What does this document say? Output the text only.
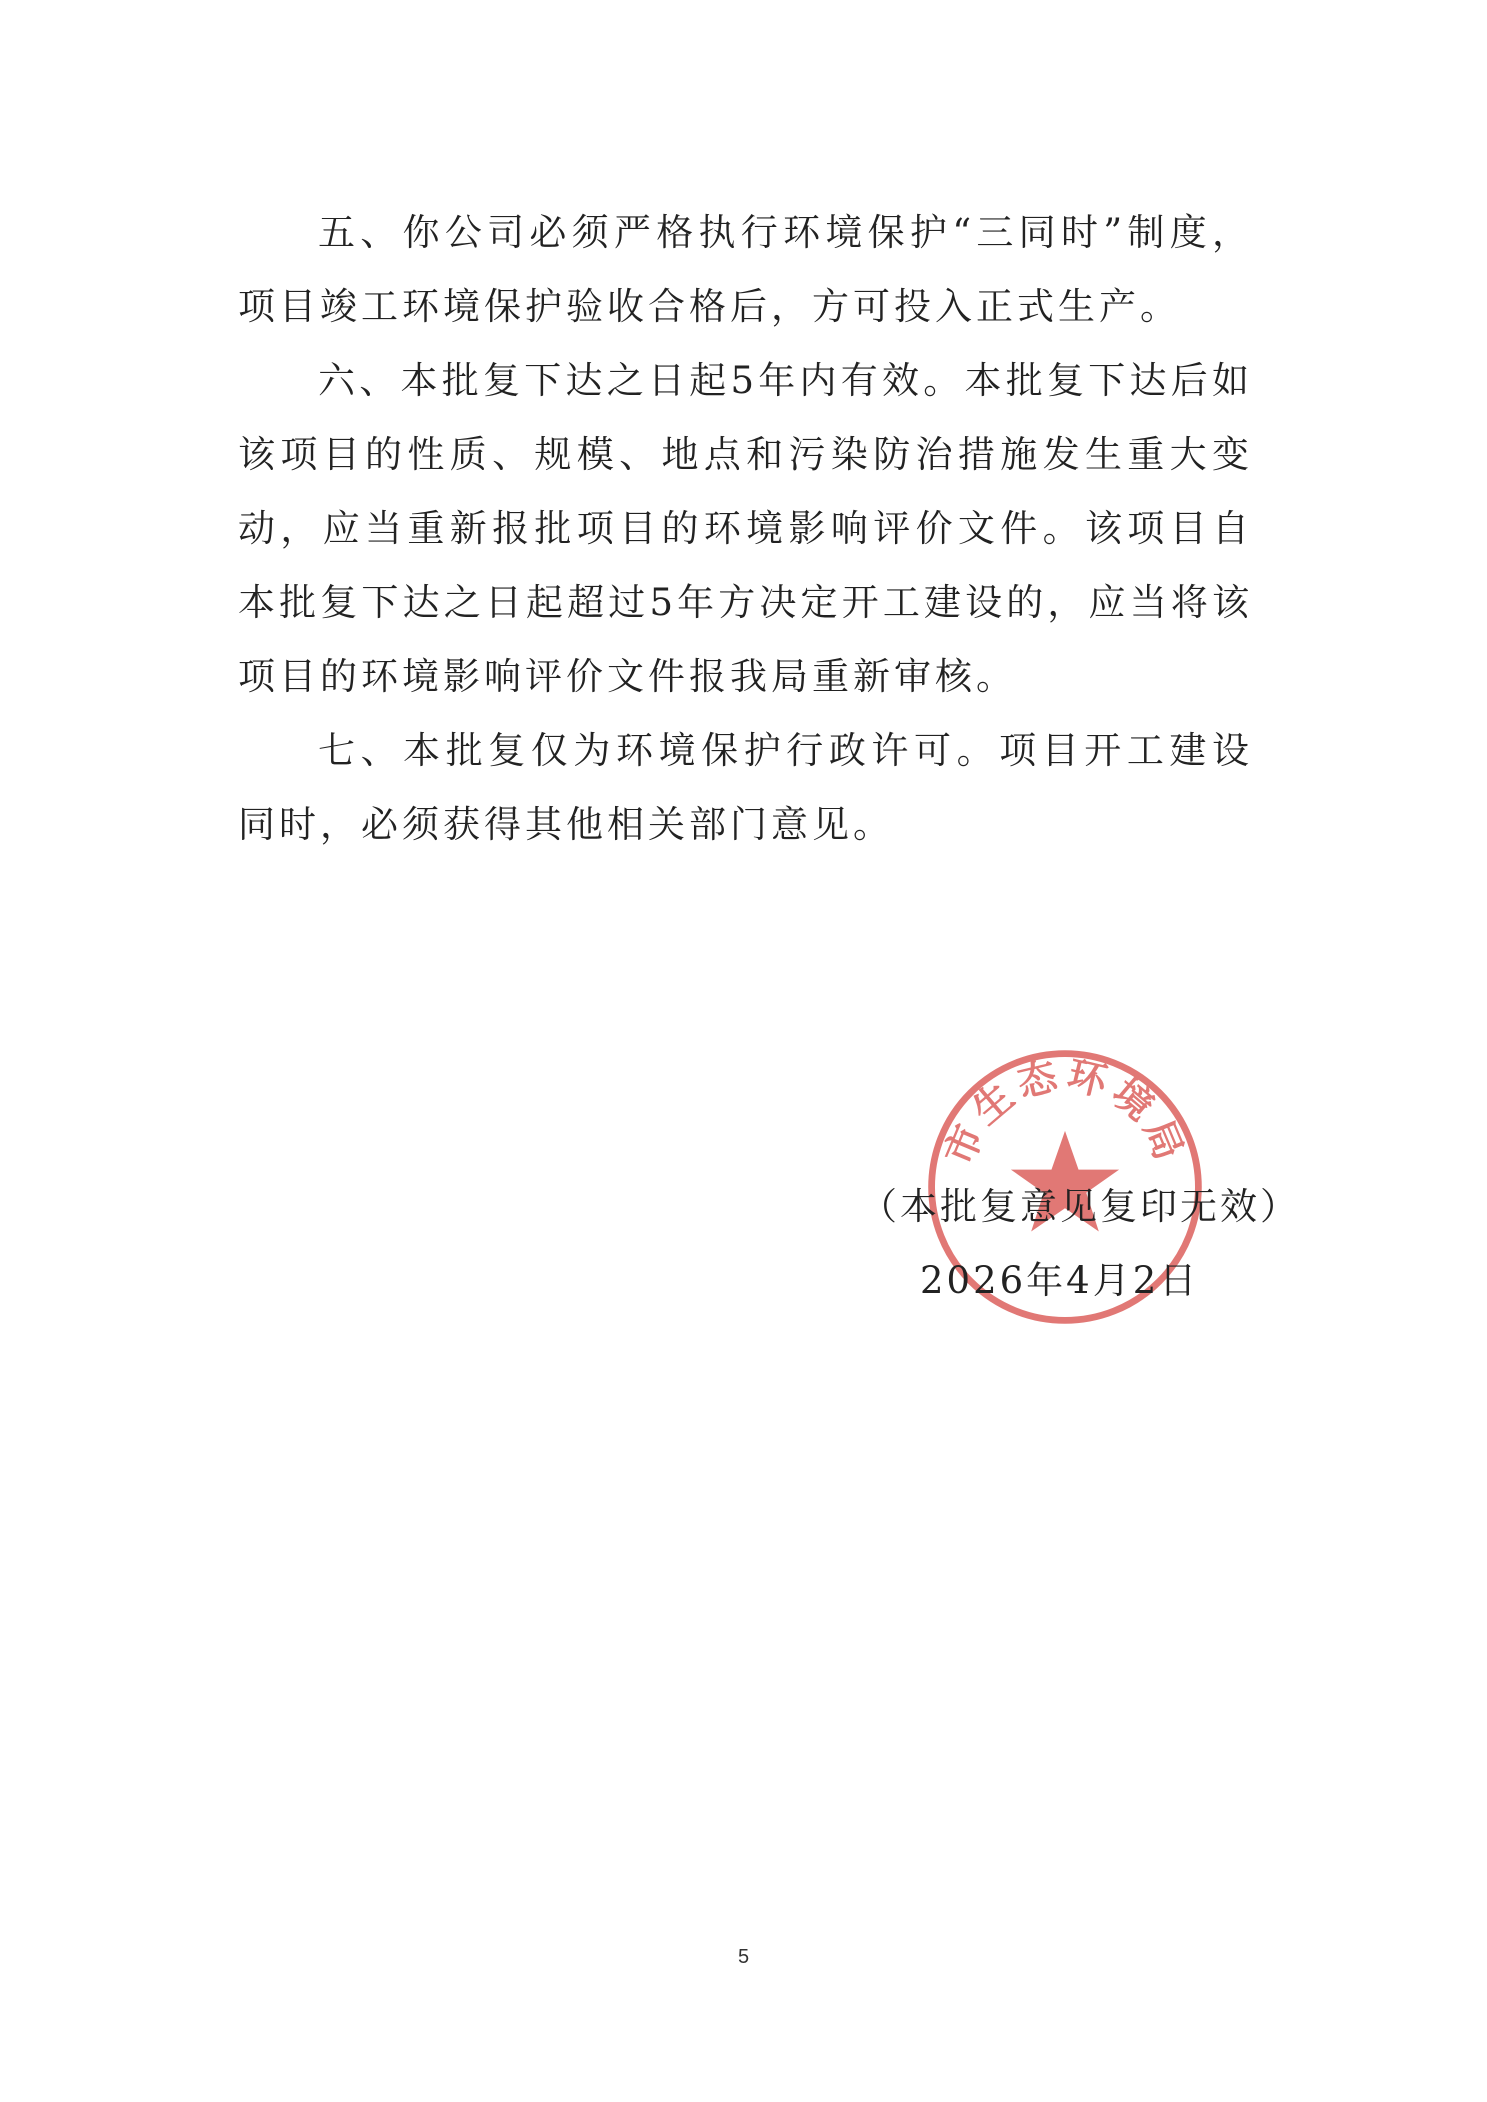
五、你公司必须严格执行环境保护“三同时”制度，项目竣工环境保护验收合格后，方可投入正式生产。

六、本批复下达之日起5年内有效。本批复下达后如该项目的性质、规模、地点和污染防治措施发生重大变动，应当重新报批项目的环境影响评价文件。该项目自本批复下达之日起超过5年方决定开工建设的，应当将该项目的环境影响评价文件报我局重新审核。

七、本批复仅为环境保护行政许可。项目开工建设同时，必须获得其他相关部门意见。

市生态环境局
（本批复意见复印无效）
2026年4月2日
5
